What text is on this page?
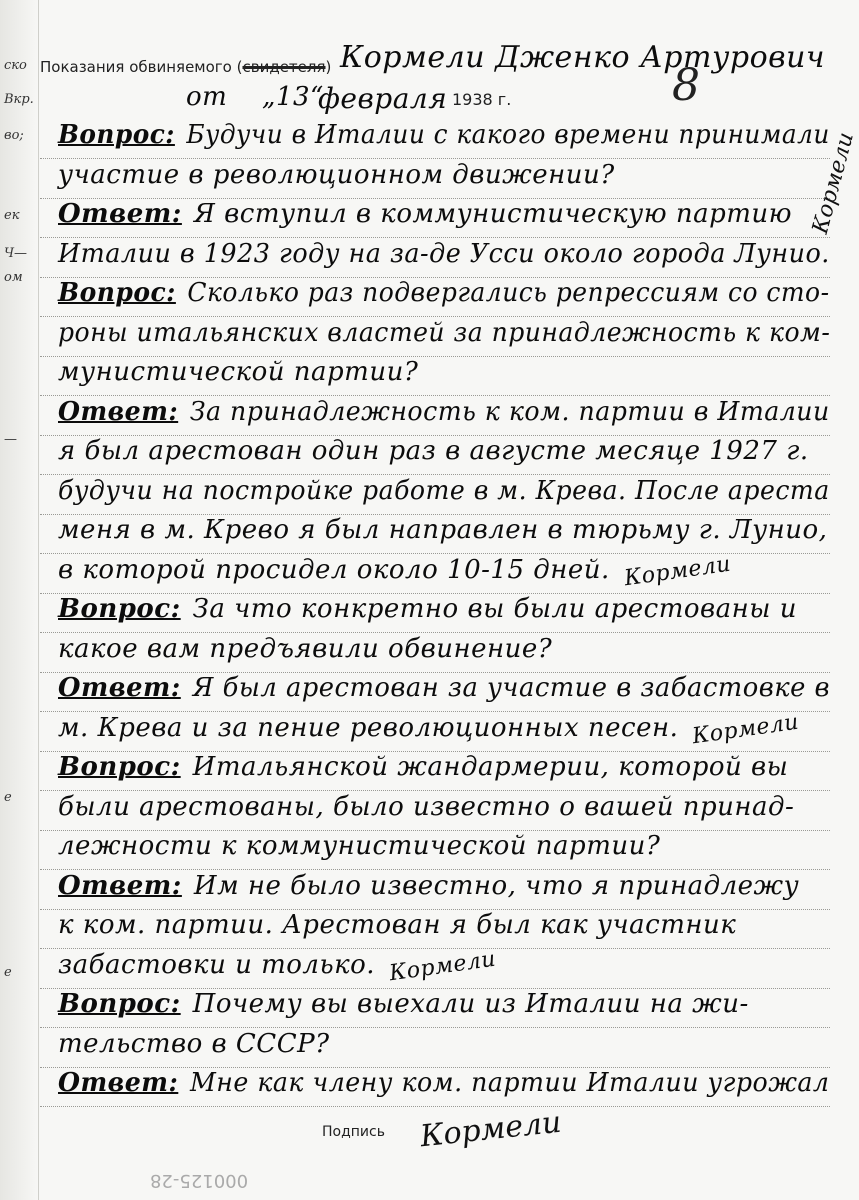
ско
Вкр.
во;
ек
Ч—
ом
—
е
е
Показания обвиняемого (свидетеля) Кормели Дженко Артурович
от „13“
февраля 1938 г.	8
Вопрос: Будучи в Италии с какого времени принимали
участие в революционном движении?
Ответ: Я вступил в коммунистическую партию
Италии в 1923 году на за-де Усси около города Лунио.
Вопрос: Сколько раз подвергались репрессиям со сто-
роны итальянских властей за принадлежность к ком-
мунистической партии?
Ответ: За принадлежность к ком. партии в Италии
я был арестован один раз в августе месяце 1927 г.
будучи на постройке работе в м. Крева. После ареста
меня в м. Крево я был направлен в тюрьму г. Лунио,
в которой просидел около 10-15 дней. Кормели
Вопрос: За что конкретно вы были арестованы и
какое вам предъявили обвинение?
Ответ: Я был арестован за участие в забастовке в
м. Крева и за пение революционных песен. Кормели
Вопрос: Итальянской жандармерии, которой вы
были арестованы, было известно о вашей принад-
лежности к коммунистической партии?
Ответ: Им не было известно, что я принадлежу
к ком. партии. Арестован я был как участник
забастовки и только. Кормели
Вопрос: Почему вы выехали из Италии на жи-
тельство в СССР?
Ответ: Мне как члену ком. партии Италии угрожал
Кормели
Подпись Кормели
000125-28
